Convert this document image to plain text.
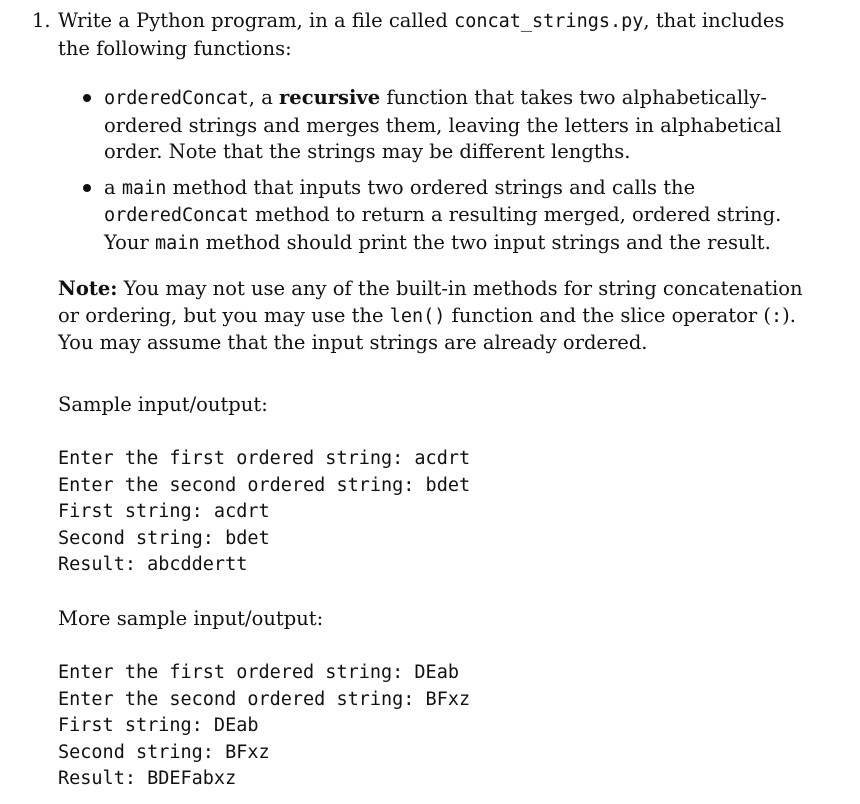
1. Write a Python program, in a file called concat_strings.py, that includes the following functions:
orderedConcat, a recursive function that takes two alphabetically-ordered strings and merges them, leaving the letters in alphabetical order. Note that the strings may be different lengths.
a main method that inputs two ordered strings and calls the orderedConcat method to return a resulting merged, ordered string. Your main method should print the two input strings and the result.
Note: You may not use any of the built-in methods for string concatenation or ordering, but you may use the len() function and the slice operator (:). You may assume that the input strings are already ordered.
Sample input/output:
Enter the first ordered string: acdrt
Enter the second ordered string: bdet
First string: acdrt
Second string: bdet
Result: abcddertt
More sample input/output:
Enter the first ordered string: DEab
Enter the second ordered string: BFxz
First string: DEab
Second string: BFxz
Result: BDEFabxz
